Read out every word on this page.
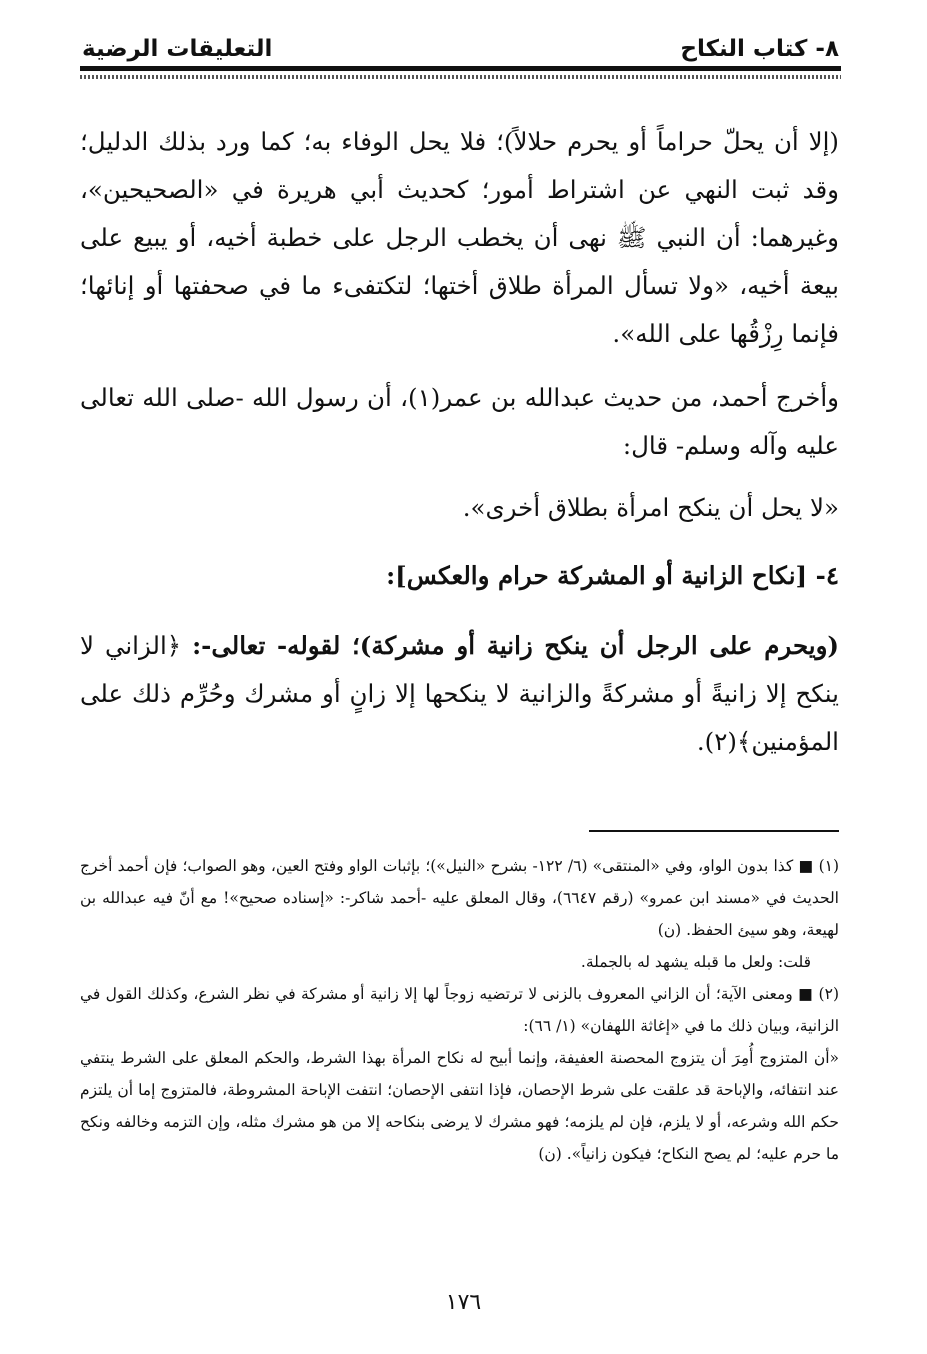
٨- كتاب النكاح
التعليقات الرضية

(إلا أن يحلّ حراماً أو يحرم حلالاً)؛ فلا يحل الوفاء به؛ كما ورد بذلك الدليل؛ وقد ثبت النهي عن اشتراط أمور؛ كحديث أبي هريرة في «الصحيحين»، وغيرهما: أن النبي ﷺ نهى أن يخطب الرجل على خطبة أخيه، أو يبيع على بيعة أخيه، «ولا تسأل المرأة طلاق أختها؛ لتكتفىء ما في صحفتها أو إنائها؛ فإنما رِزْقُها على الله».

وأخرج أحمد، من حديث عبدالله بن عمر(١)، أن رسول الله -صلى الله تعالى عليه وآله وسلم- قال:

«لا يحل أن ينكح امرأة بطلاق أخرى».

٤- [نكاح الزانية أو المشركة حرام والعكس]:

(ويحرم على الرجل أن ينكح زانية أو مشركة)؛ لقوله- تعالى-: ﴿الزاني لا ينكح إلا زانيةً أو مشركةً والزانية لا ينكحها إلا زانٍ أو مشرك وحُرِّم ذلك على المؤمنين﴾(٢).

(١) ■ كذا بدون الواو، وفي «المنتقى» (٦/ ١٢٢- بشرح «النيل»)؛ بإثبات الواو وفتح العين، وهو الصواب؛ فإن أحمد أخرج الحديث في «مسند ابن عمرو» (رقم ٦٦٤٧)، وقال المعلق عليه -أحمد شاكر-: «إسناده صحيح»! مع أنّ فيه عبدالله بن لهيعة، وهو سيئ الحفظ. (ن)

قلت: ولعل ما قبله يشهد له بالجملة.

(٢) ■ ومعنى الآية؛ أن الزاني المعروف بالزنى لا ترتضيه زوجاً لها إلا زانية أو مشركة في نظر الشرع، وكذلك القول في الزانية، وبيان ذلك ما في «إغاثة اللهفان» (١/ ٦٦):

«أن المتزوج أُمِرَ أن يتزوج المحصنة العفيفة، وإنما أبيح له نكاح المرأة بهذا الشرط، والحكم المعلق على الشرط ينتفي عند انتفائه، والإباحة قد علقت على شرط الإحصان، فإذا انتفى الإحصان؛ انتفت الإباحة المشروطة، فالمتزوج إما أن يلتزم حكم الله وشرعه، أو لا يلزم، فإن لم يلزمه؛ فهو مشرك لا يرضى بنكاحه إلا من هو مشرك مثله، وإن التزمه وخالفه ونكح ما حرم عليه؛ لم يصح النكاح؛ فيكون زانياً». (ن)

١٧٦
